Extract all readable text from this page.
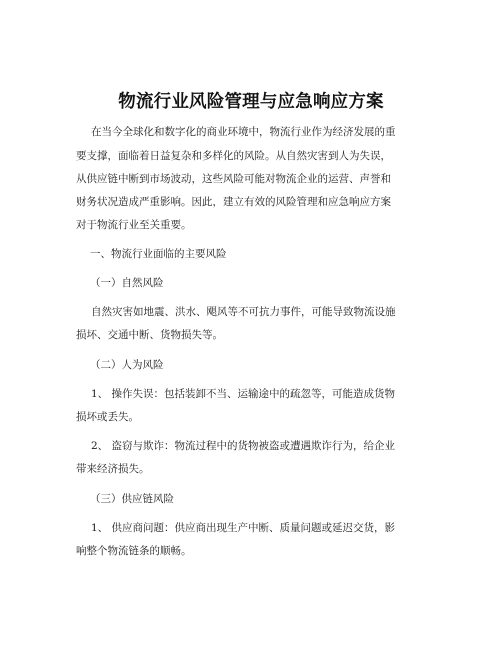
物流行业风险管理与应急响应方案
在当今全球化和数字化的商业环境中，物流行业作为经济发展的重
要支撑，面临着日益复杂和多样化的风险。从自然灾害到人为失误，
从供应链中断到市场波动，这些风险可能对物流企业的运营、声誉和
财务状况造成严重影响。因此，建立有效的风险管理和应急响应方案
对于物流行业至关重要。
一、物流行业面临的主要风险
（一）自然风险
自然灾害如地震、洪水、飓风等不可抗力事件，可能导致物流设施
损坏、交通中断、货物损失等。
（二）人为风险
1、 操作失误：包括装卸不当、运输途中的疏忽等，可能造成货物
损坏或丢失。
2、 盗窃与欺诈：物流过程中的货物被盗或遭遇欺诈行为，给企业
带来经济损失。
（三）供应链风险
1、 供应商问题：供应商出现生产中断、质量问题或延迟交货，影
响整个物流链条的顺畅。
